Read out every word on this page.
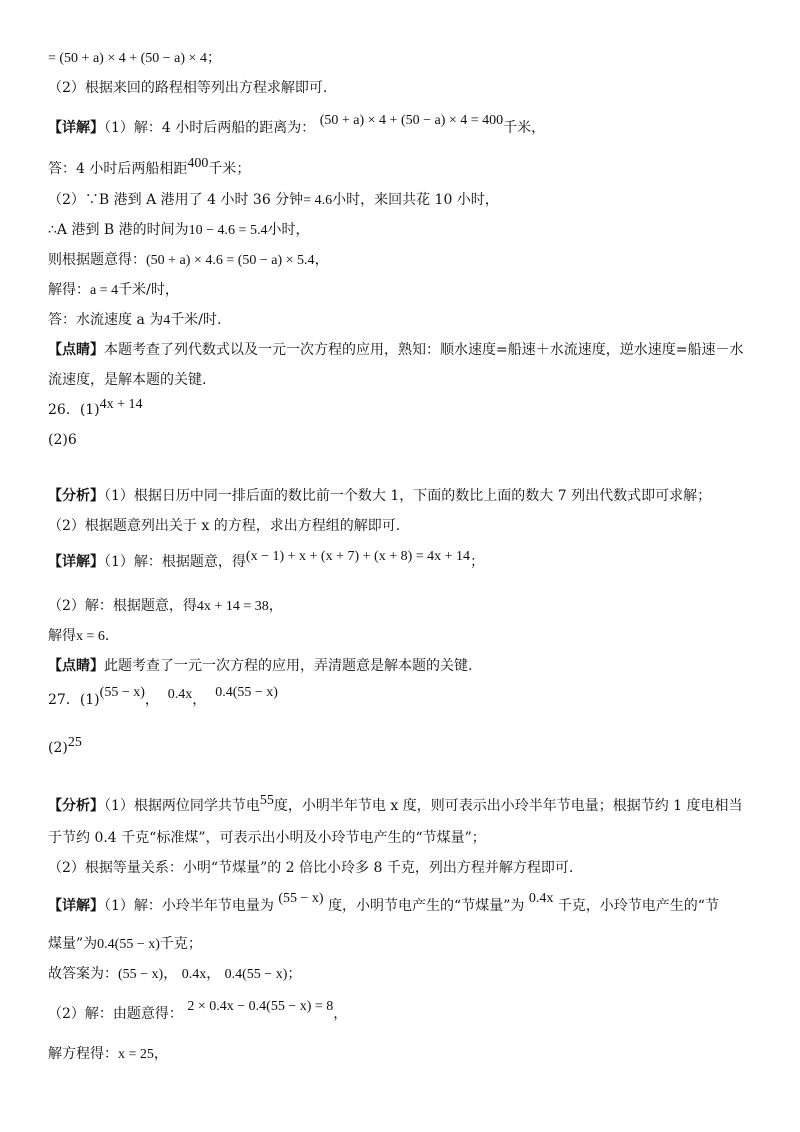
= (50 + a) × 4 + (50 − a) × 4；
（2）根据来回的路程相等列出方程求解即可.
【详解】（1）解：4 小时后两船的距离为： (50 + a) × 4 + (50 − a) × 4 = 400千米，
答：4 小时后两船相距400千米；
（2）∵B 港到 A 港用了 4 小时 36 分钟= 4.6小时，来回共花 10 小时，
∴A 港到 B 港的时间为10 − 4.6 = 5.4小时，
则根据题意得：(50 + a) × 4.6 = (50 − a) × 5.4，
解得：a = 4千米/时，
答：水流速度 a 为4千米/时.
【点睛】本题考查了列代数式以及一元一次方程的应用，熟知：顺水速度=船速＋水流速度，逆水速度=船速－水
流速度，是解本题的关键.
26．(1)4x + 14
(2)6
【分析】（1）根据日历中同一排后面的数比前一个数大 1，下面的数比上面的数大 7 列出代数式即可求解；
（2）根据题意列出关于 x 的方程，求出方程组的解即可.
【详解】（1）解：根据题意，得(x − 1) + x + (x + 7) + (x + 8) = 4x + 14；
（2）解：根据题意，得4x + 14 = 38，
解得x = 6.
【点睛】此题考查了一元一次方程的应用，弄清题意是解本题的关键.
27．(1)(55 − x)，  0.4x，  0.4(55 − x)
(2)25
【分析】（1）根据两位同学共节电55度，小明半年节电 x 度，则可表示出小玲半年节电量；根据节约 1 度电相当
于节约 0.4 千克“标准煤”，可表示出小明及小玲节电产生的“节煤量”；
（2）根据等量关系：小明“节煤量”的 2 倍比小玲多 8 千克，列出方程并解方程即可.
【详解】（1）解：小玲半年节电量为 (55 − x) 度，小明节电产生的“节煤量”为 0.4x 千克，小玲节电产生的“节
煤量”为0.4(55 − x)千克；
故答案为：(55 − x)， 0.4x， 0.4(55 − x)；
（2）解：由题意得： 2 × 0.4x − 0.4(55 − x) = 8，
解方程得：x = 25，
